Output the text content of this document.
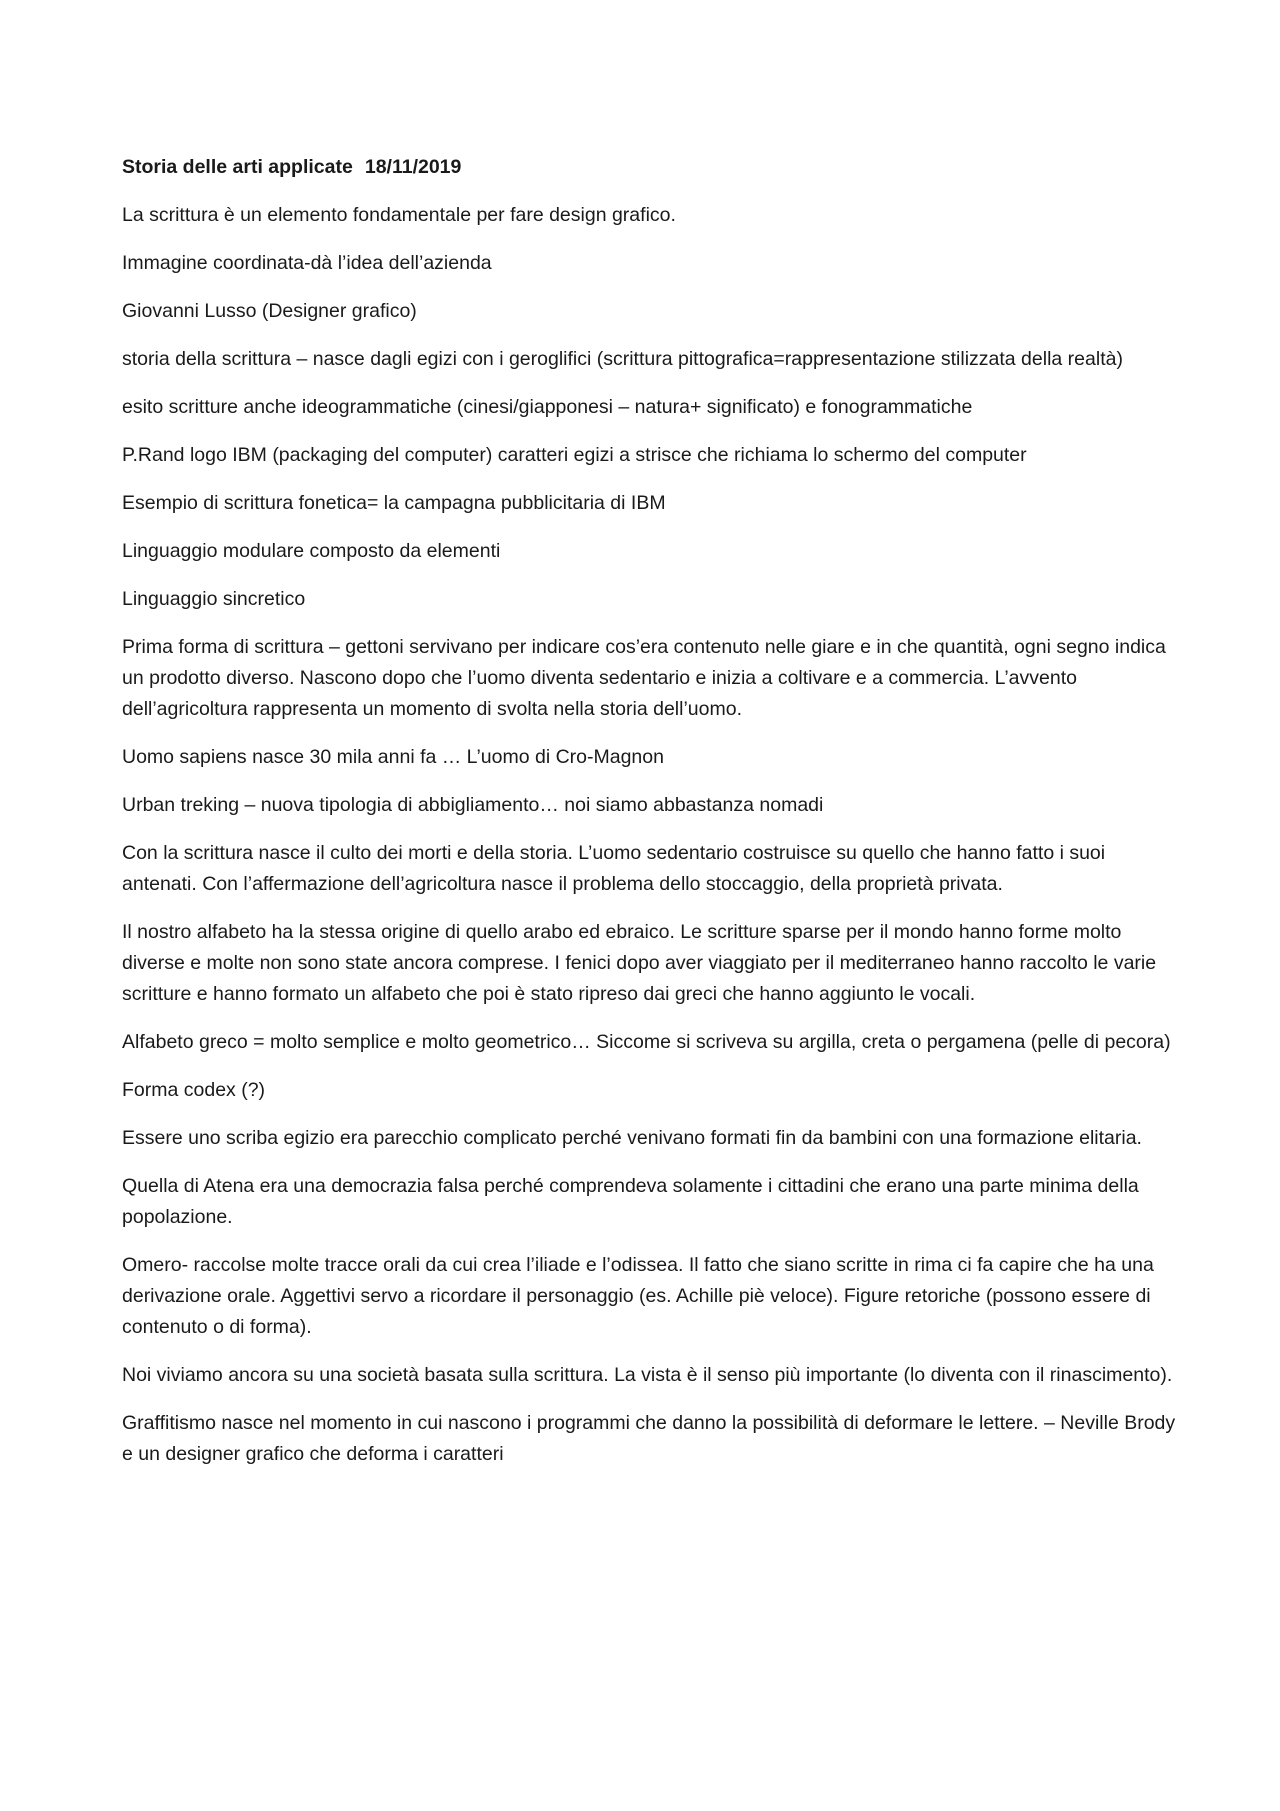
Storia delle arti applicate 18/11/2019

La scrittura è un elemento fondamentale per fare design grafico.

Immagine coordinata-dà l’idea dell’azienda

Giovanni Lusso (Designer grafico)

storia della scrittura – nasce dagli egizi con i geroglifici (scrittura pittografica=rappresentazione stilizzata della realtà)

esito scritture anche ideogrammatiche (cinesi/giapponesi – natura+ significato) e fonogrammatiche

P.Rand logo IBM (packaging del computer) caratteri egizi a strisce che richiama lo schermo del computer

Esempio di scrittura fonetica= la campagna pubblicitaria di IBM

Linguaggio modulare composto da elementi

Linguaggio sincretico

Prima forma di scrittura – gettoni servivano per indicare cos’era contenuto nelle giare e in che quantità, ogni segno indica un prodotto diverso. Nascono dopo che l’uomo diventa sedentario e inizia a coltivare e a commercia. L’avvento dell’agricoltura rappresenta un momento di svolta nella storia dell’uomo.

Uomo sapiens nasce 30 mila anni fa … L’uomo di Cro-Magnon

Urban treking – nuova tipologia di abbigliamento… noi siamo abbastanza nomadi

Con la scrittura nasce il culto dei morti e della storia. L’uomo sedentario costruisce su quello che hanno fatto i suoi antenati. Con l’affermazione dell’agricoltura nasce il problema dello stoccaggio, della proprietà privata.

Il nostro alfabeto ha la stessa origine di quello arabo ed ebraico. Le scritture sparse per il mondo hanno forme molto diverse e molte non sono state ancora comprese. I fenici dopo aver viaggiato per il mediterraneo hanno raccolto le varie scritture e hanno formato un alfabeto che poi è stato ripreso dai greci che hanno aggiunto le vocali.

Alfabeto greco = molto semplice e molto geometrico… Siccome si scriveva su argilla, creta o pergamena (pelle di pecora)

Forma codex (?)

Essere uno scriba egizio era parecchio complicato perché venivano formati fin da bambini con una formazione elitaria.

Quella di Atena era una democrazia falsa perché comprendeva solamente i cittadini che erano una parte minima della popolazione.

Omero- raccolse molte tracce orali da cui crea l’iliade e l’odissea. Il fatto che siano scritte in rima ci fa capire che ha una derivazione orale. Aggettivi servo a ricordare il personaggio (es. Achille piè veloce). Figure retoriche (possono essere di contenuto o di forma).

Noi viviamo ancora su una società basata sulla scrittura. La vista è il senso più importante (lo diventa con il rinascimento).

Graffitismo nasce nel momento in cui nascono i programmi che danno la possibilità di deformare le lettere. – Neville Brody e un designer grafico che deforma i caratteri
